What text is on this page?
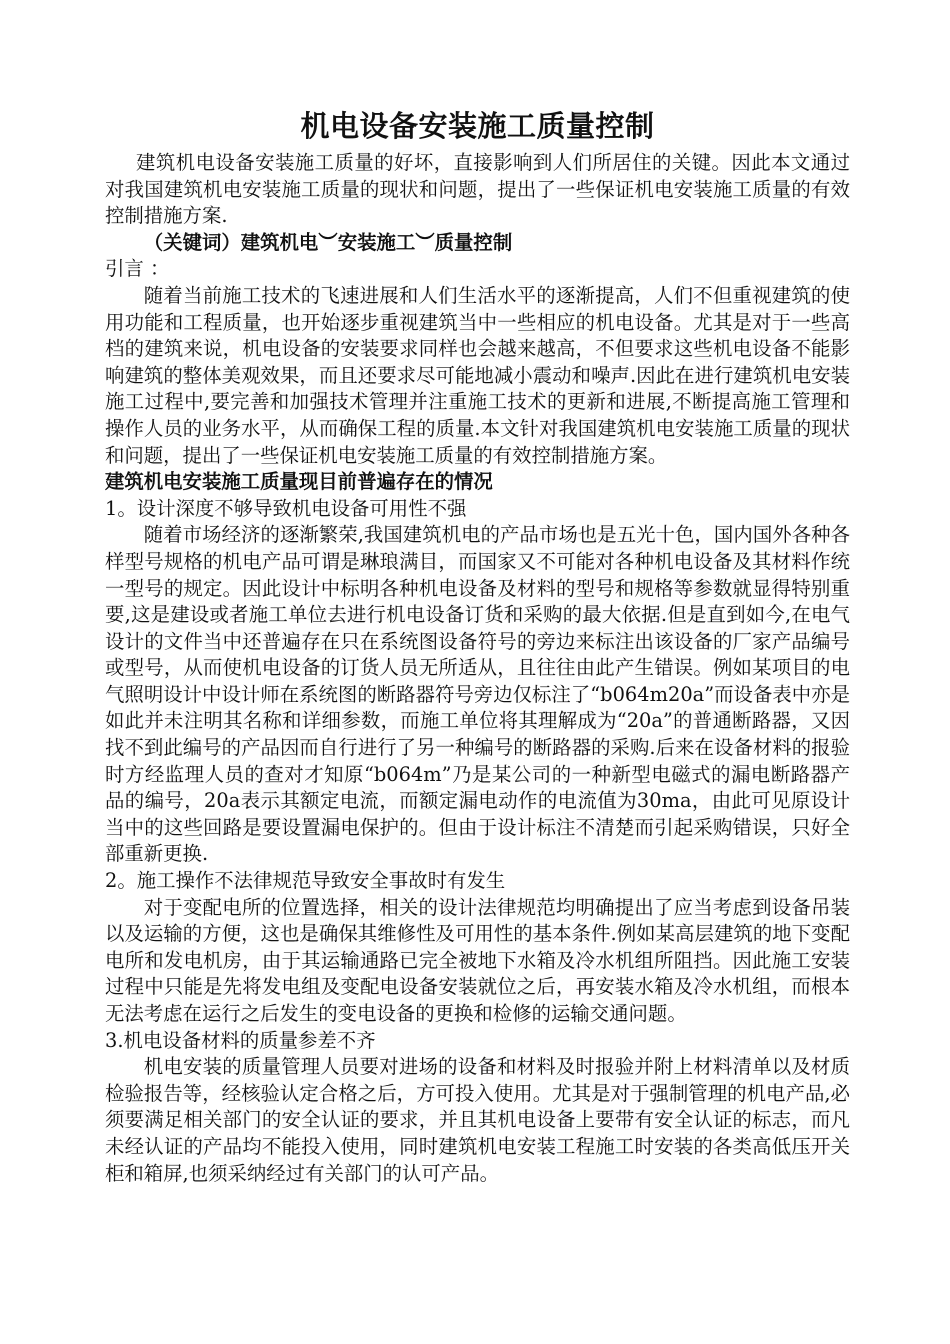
机电设备安装施工质量控制

建筑机电设备安装施工质量的好坏，直接影响到人们所居住的关键。因此本文通过对我国建筑机电安装施工质量的现状和问题，提出了一些保证机电安装施工质量的有效控制措施方案.

（关键词）建筑机电︶安装施工︶质量控制

引言 ：

随着当前施工技术的飞速进展和人们生活水平的逐渐提高，人们不但重视建筑的使用功能和工程质量，也开始逐步重视建筑当中一些相应的机电设备。尤其是对于一些高档的建筑来说，机电设备的安装要求同样也会越来越高，不但要求这些机电设备不能影响建筑的整体美观效果，而且还要求尽可能地减小震动和噪声.因此在进行建筑机电安装施工过程中,要完善和加强技术管理并注重施工技术的更新和进展,不断提高施工管理和操作人员的业务水平，从而确保工程的质量.本文针对我国建筑机电安装施工质量的现状和问题，提出了一些保证机电安装施工质量的有效控制措施方案。

建筑机电安装施工质量现目前普遍存在的情况

1。设计深度不够导致机电设备可用性不强

随着市场经济的逐渐繁荣,我国建筑机电的产品市场也是五光十色，国内国外各种各样型号规格的机电产品可谓是琳琅满目，而国家又不可能对各种机电设备及其材料作统一型号的规定。因此设计中标明各种机电设备及材料的型号和规格等参数就显得特别重要,这是建设或者施工单位去进行机电设备订货和采购的最大依据.但是直到如今,在电气设计的文件当中还普遍存在只在系统图设备符号的旁边来标注出该设备的厂家产品编号或型号，从而使机电设备的订货人员无所适从，且往往由此产生错误。例如某项目的电气照明设计中设计师在系统图的断路器符号旁边仅标注了“b064m20a”而设备表中亦是如此并未注明其名称和详细参数，而施工单位将其理解成为“20a”的普通断路器，又因找不到此编号的产品因而自行进行了另一种编号的断路器的采购.后来在设备材料的报验时方经监理人员的查对才知原“b064m”乃是某公司的一种新型电磁式的漏电断路器产品的编号，20a表示其额定电流，而额定漏电动作的电流值为30ma，由此可见原设计当中的这些回路是要设置漏电保护的。但由于设计标注不清楚而引起采购错误，只好全部重新更换.

2。施工操作不法律规范导致安全事故时有发生

对于变配电所的位置选择，相关的设计法律规范均明确提出了应当考虑到设备吊装以及运输的方便，这也是确保其维修性及可用性的基本条件.例如某高层建筑的地下变配电所和发电机房，由于其运输通路已完全被地下水箱及冷水机组所阻挡。因此施工安装过程中只能是先将发电组及变配电设备安装就位之后，再安装水箱及冷水机组，而根本无法考虑在运行之后发生的变电设备的更换和检修的运输交通问题。

3.机电设备材料的质量参差不齐

机电安装的质量管理人员要对进场的设备和材料及时报验并附上材料清单以及材质检验报告等，经核验认定合格之后，方可投入使用。尤其是对于强制管理的机电产品,必须要满足相关部门的安全认证的要求，并且其机电设备上要带有安全认证的标志，而凡未经认证的产品均不能投入使用，同时建筑机电安装工程施工时安装的各类高低压开关柜和箱屏,也须采纳经过有关部门的认可产品。
